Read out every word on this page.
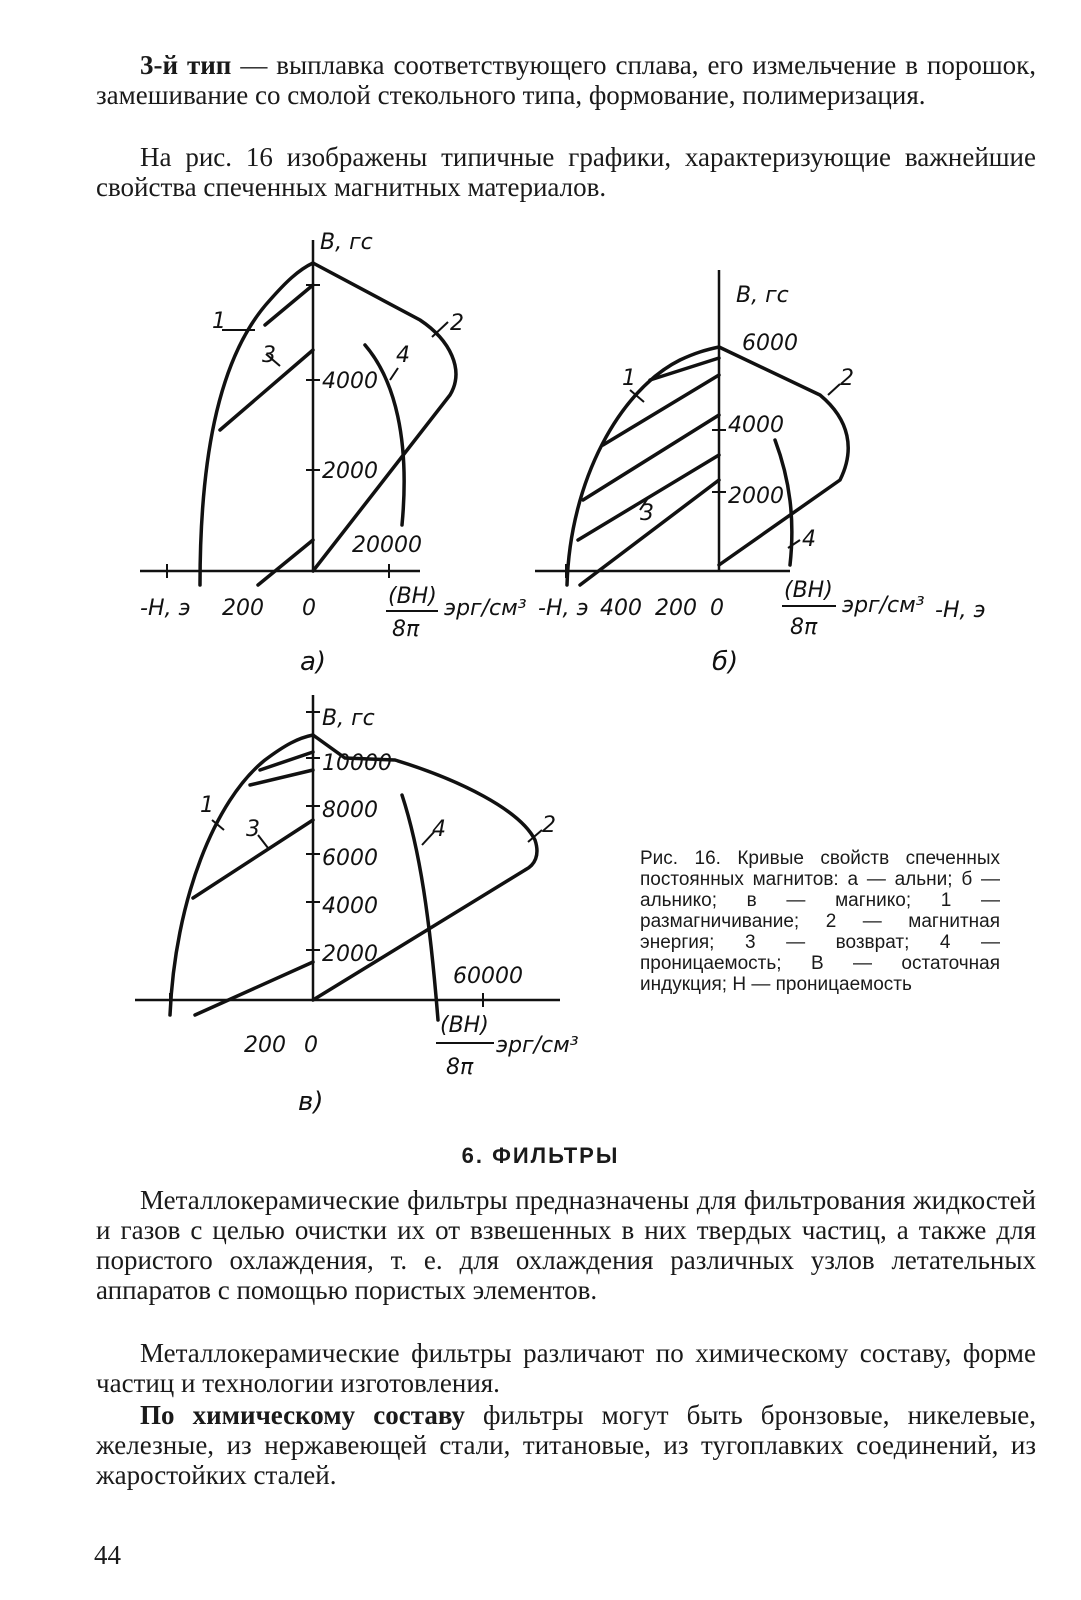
3-й тип — выплавка соответствующего сплава, его измельчение в порошок, замешивание со смолой стекольного типа, формование, полимеризация.

На рис. 16 изображены типичные графики, характеризующие важнейшие свойства спеченных магнитных материалов.

B, гс
4000
2000
20000
-H, э 200 0	(BH)
8π
эрг/см³
1	2
3	4
а)
B, гс
6000
4000
2000
-H, э 400 200 0
(BH)
8π
эрг/см³ -H, э
1	2
3
4
б)
B, гс
10000
8000
6000
4000
2000
60000
200 0
(BH)
8π
эрг/см³
1
2
3	4
в)

Рис. 16. Кривые свойств спеченных постоянных магнитов: а — альни; б — альнико; в — магнико; 1 — размагничивание; 2 — магнитная энергия; 3 — возврат; 4 — проницаемость; B — остаточная индукция; H — проницаемость

6. ФИЛЬТРЫ

Металлокерамические фильтры предназначены для фильтрования жидкостей и газов с целью очистки их от взвешенных в них твердых частиц, а также для пористого охлаждения, т. е. для охлаждения различных узлов летательных аппаратов с помощью пористых элементов.

Металлокерамические фильтры различают по химическому составу, форме частиц и технологии изготовления.

По химическому составу фильтры могут быть бронзовые, никелевые, железные, из нержавеющей стали, титановые, из тугоплавких соединений, из жаростойких сталей.

44
